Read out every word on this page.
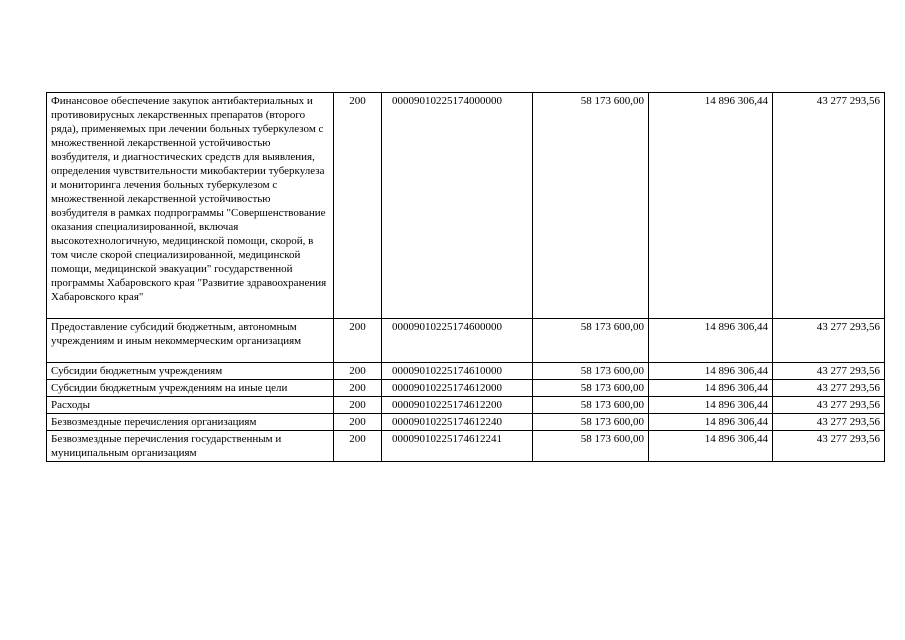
Финансовое обеспечение закупок антибактериальных и противовирусных лекарственных препаратов (второго ряда), применяемых при лечении больных туберкулезом с множественной лекарственной устойчивостью возбудителя, и диагностических средств для выявления, определения чувствительности микобактерии туберкулеза и мониторинга лечения больных туберкулезом с множественной лекарственной устойчивостью возбудителя в рамках подпрограммы "Совершенствование оказания специализированной, включая высокотехнологичную, медицинской помощи, скорой, в том числе скорой специализированной, медицинской помощи, медицинской эвакуации" государственной программы Хабаровского края "Развитие здравоохранения Хабаровского края"	200	00009010225174000000	58 173 600,00	14 896 306,44	43 277 293,56
Предоставление субсидий бюджетным, автономным учреждениям и иным некоммерческим организациям	200	00009010225174600000	58 173 600,00	14 896 306,44	43 277 293,56
Субсидии бюджетным учреждениям	200	00009010225174610000	58 173 600,00	14 896 306,44	43 277 293,56
Субсидии бюджетным учреждениям на иные цели	200	00009010225174612000	58 173 600,00	14 896 306,44	43 277 293,56
Расходы	200	00009010225174612200	58 173 600,00	14 896 306,44	43 277 293,56
Безвозмездные перечисления организациям	200	00009010225174612240	58 173 600,00	14 896 306,44	43 277 293,56
Безвозмездные перечисления государственным и муниципальным организациям	200	00009010225174612241	58 173 600,00	14 896 306,44	43 277 293,56
